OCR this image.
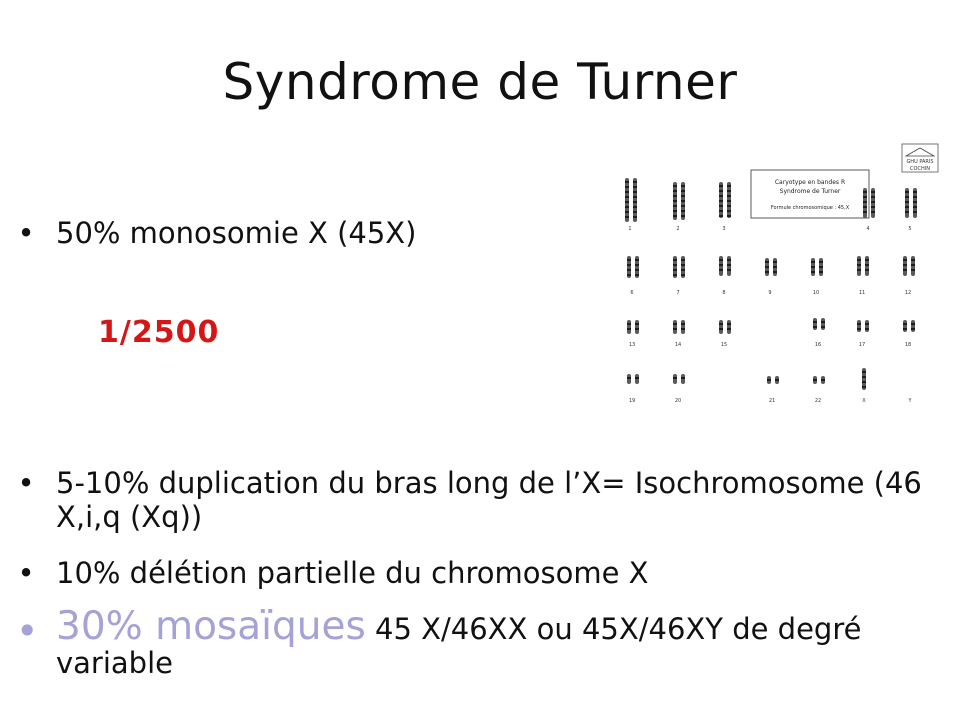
Syndrome de Turner
• 50% monosomie X (45X)
1/2500
• 5-10% duplication du bras long de l’X= Isochromosome (46 X,i,q (Xq))
• 10% délétion partielle du chromosome X
• 30% mosaïques 45 X/46XX ou 45X/46XY de degré variable
GHU PARIS
COCHIN
Caryotype en bandes R
Syndrome de Turner
Formule chromosomique : 45,X
1	2	3	4	5
6	7	8	9	10	11	12
13	14	15	16	17	18
19	20	21	22	X	Y
